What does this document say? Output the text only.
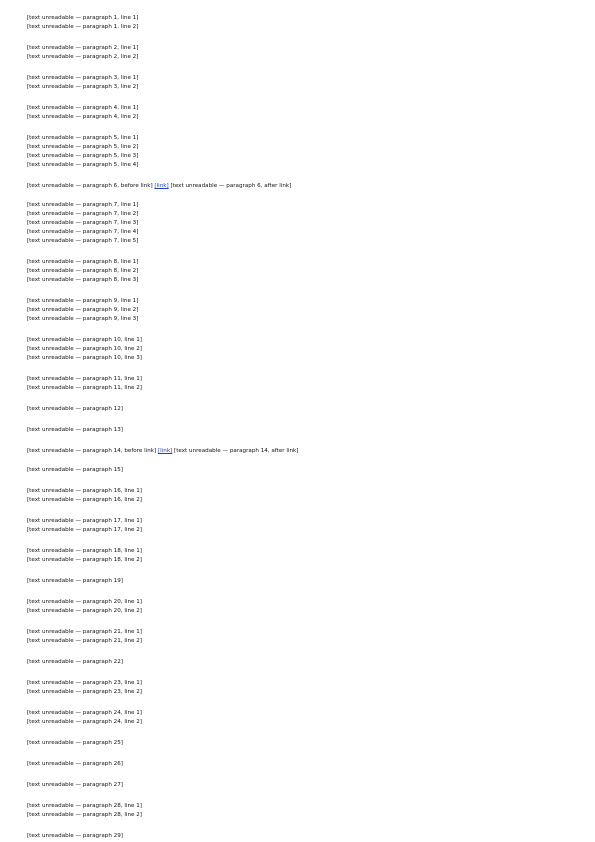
[text unreadable — paragraph 1, line 1]
[text unreadable — paragraph 1, line 2]

[text unreadable — paragraph 2, line 1]
[text unreadable — paragraph 2, line 2]

[text unreadable — paragraph 3, line 1]
[text unreadable — paragraph 3, line 2]

[text unreadable — paragraph 4, line 1]
[text unreadable — paragraph 4, line 2]

[text unreadable — paragraph 5, line 1]
[text unreadable — paragraph 5, line 2]
[text unreadable — paragraph 5, line 3]
[text unreadable — paragraph 5, line 4]

[text unreadable — paragraph 6, before link] [link] [text unreadable — paragraph 6, after link]

[text unreadable — paragraph 7, line 1]
[text unreadable — paragraph 7, line 2]
[text unreadable — paragraph 7, line 3]
[text unreadable — paragraph 7, line 4]
[text unreadable — paragraph 7, line 5]

[text unreadable — paragraph 8, line 1]
[text unreadable — paragraph 8, line 2]
[text unreadable — paragraph 8, line 3]

[text unreadable — paragraph 9, line 1]
[text unreadable — paragraph 9, line 2]
[text unreadable — paragraph 9, line 3]

[text unreadable — paragraph 10, line 1]
[text unreadable — paragraph 10, line 2]
[text unreadable — paragraph 10, line 3]

[text unreadable — paragraph 11, line 1]
[text unreadable — paragraph 11, line 2]

[text unreadable — paragraph 12]

[text unreadable — paragraph 13]

[text unreadable — paragraph 14, before link] [link] [text unreadable — paragraph 14, after link]

[text unreadable — paragraph 15]

[text unreadable — paragraph 16, line 1]
[text unreadable — paragraph 16, line 2]

[text unreadable — paragraph 17, line 1]
[text unreadable — paragraph 17, line 2]

[text unreadable — paragraph 18, line 1]
[text unreadable — paragraph 18, line 2]

[text unreadable — paragraph 19]

[text unreadable — paragraph 20, line 1]
[text unreadable — paragraph 20, line 2]

[text unreadable — paragraph 21, line 1]
[text unreadable — paragraph 21, line 2]

[text unreadable — paragraph 22]

[text unreadable — paragraph 23, line 1]
[text unreadable — paragraph 23, line 2]

[text unreadable — paragraph 24, line 1]
[text unreadable — paragraph 24, line 2]

[text unreadable — paragraph 25]

[text unreadable — paragraph 26]

[text unreadable — paragraph 27]

[text unreadable — paragraph 28, line 1]
[text unreadable — paragraph 28, line 2]

[text unreadable — paragraph 29]
